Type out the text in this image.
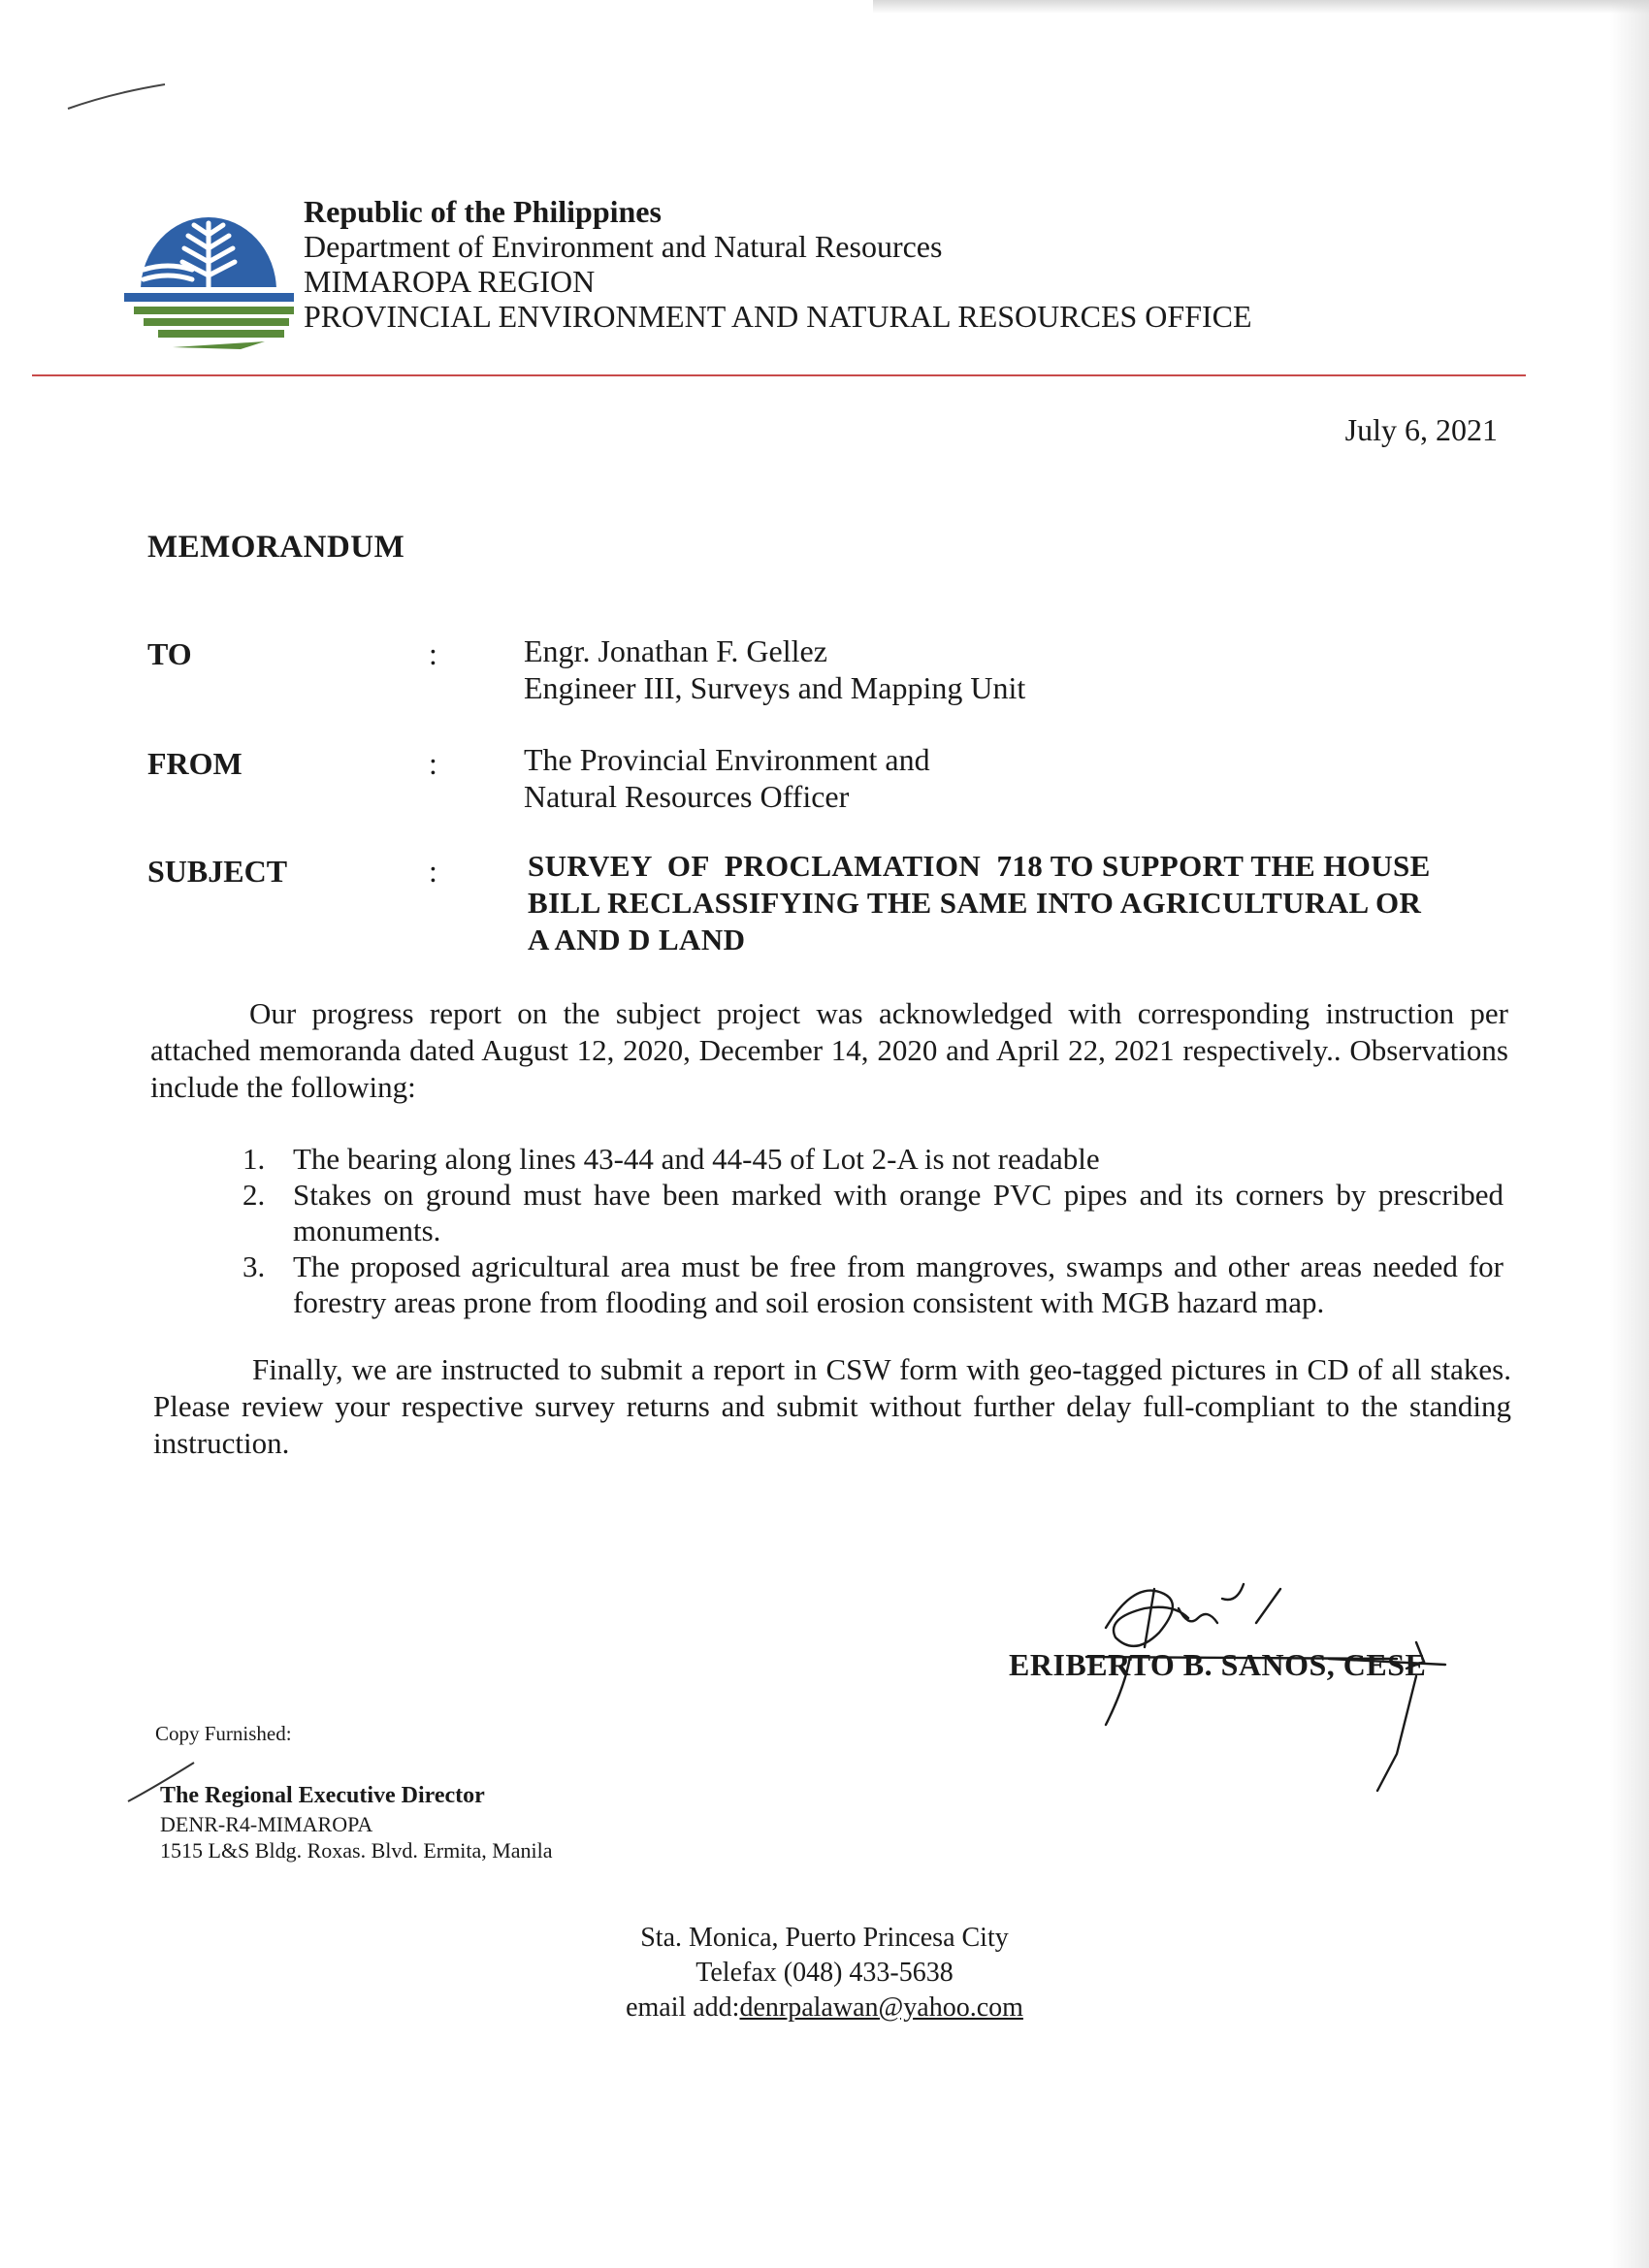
Republic of the Philippines
Department of Environment and Natural Resources
MIMAROPA REGION
PROVINCIAL ENVIRONMENT AND NATURAL RESOURCES OFFICE
July 6, 2021
MEMORANDUM
TO	:	Engr. Jonathan F. Gellez
Engineer III, Surveys and Mapping Unit
FROM	:	The Provincial Environment and
Natural Resources Officer
SUBJECT	:	SURVEY  OF  PROCLAMATION  718 TO SUPPORT THE HOUSE
BILL RECLASSIFYING THE SAME INTO AGRICULTURAL OR
A AND D LAND
Our progress report on the subject project was acknowledged with corresponding instruction per attached memoranda dated August 12, 2020, December 14, 2020 and April 22, 2021 respectively.. Observations include the following:
1. The bearing along lines 43-44 and 44-45 of Lot 2-A is not readable
2. Stakes on ground must have been marked with orange PVC pipes and its corners by prescribed monuments.
3. The proposed agricultural area must be free from mangroves, swamps and other areas needed for forestry areas prone from flooding and soil erosion consistent with MGB hazard map.
Finally, we are instructed to submit a report in CSW form with geo-tagged pictures in CD of all stakes. Please review your respective survey returns and submit without further delay full-compliant to the standing instruction.
ERIBERTO B. SANOS, CESE
Copy Furnished:
The Regional Executive Director
DENR-R4-MIMAROPA
1515 L&S Bldg. Roxas. Blvd. Ermita, Manila
Sta. Monica, Puerto Princesa City
Telefax (048) 433-5638
email add:denrpalawan@yahoo.com
